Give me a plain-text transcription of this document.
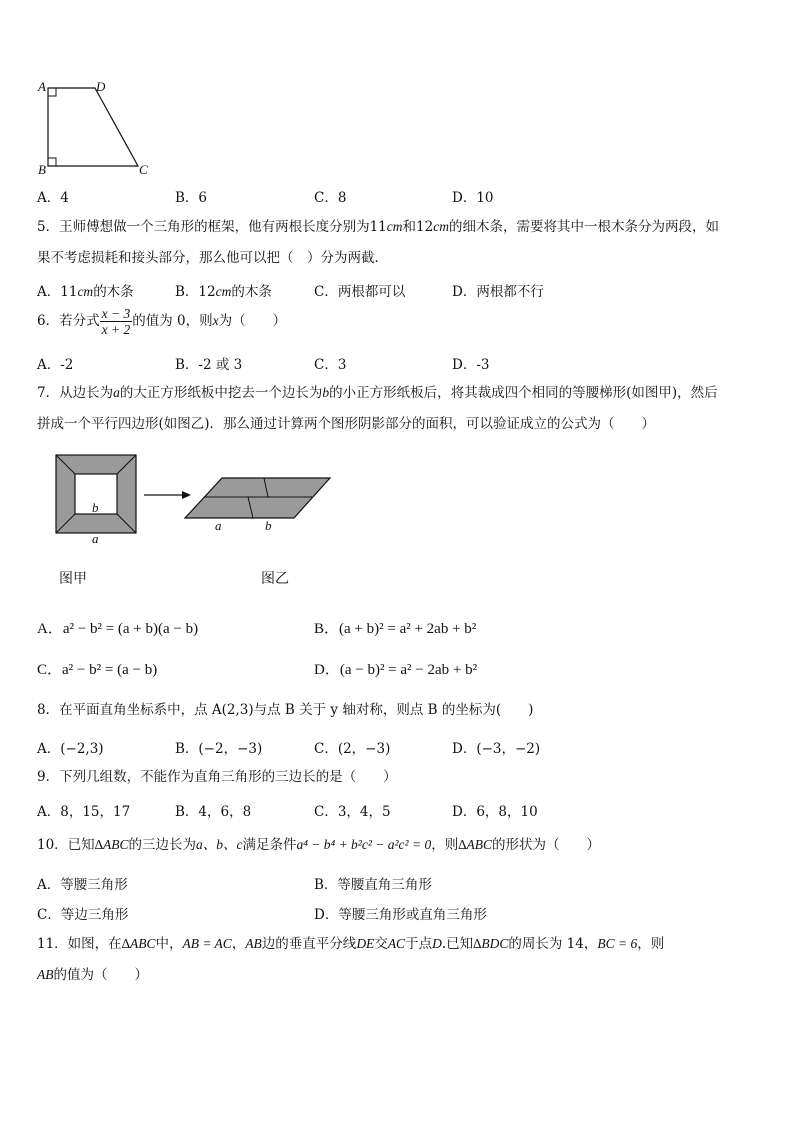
A	D
B	C
A．4	B．6	C．8	D．10
5．王师傅想做一个三角形的框架，他有两根长度分别为11cm和12cm的细木条，需要将其中一根木条分为两段，如
果不考虑损耗和接头部分，那么他可以把（　）分为两截．
A．11cm的木条	B．12cm的木条	C．两根都可以	D．两根都不行
6．若分式 $\frac{x - 3}{x + 2}$ 的值为 0，则x为（　　）
A．-2	B．-2 或 3	C．3	D．-3
7．从边长为a的大正方形纸板中挖去一个边长为b的小正方形纸板后，将其裁成四个相同的等腰梯形(如图甲)，然后
拼成一个平行四边形(如图乙)．那么通过计算两个图形阴影部分的面积，可以验证成立的公式为（　　）
b
a
a	b
图甲	图乙
A．a² − b² = (a + b)(a − b)	B．(a + b)² = a² + 2ab + b²
C．a² − b² = (a − b)	D．(a − b)² = a² − 2ab + b²
8．在平面直角坐标系中，点 A(2,3)与点 B 关于 y 轴对称，则点 B 的坐标为(　　)
A．(−2,3)	B．(−2，−3)	C．(2，−3)	D．(−3，−2)
9．下列几组数，不能作为直角三角形的三边长的是（　　）
A．8，15，17	B．4，6，8	C．3，4，5	D．6，8，10
10．已知∆ABC的三边长为a、b、c满足条件a⁴ − b⁴ + b²c² − a²c² = 0，则∆ABC的形状为（　　）
A．等腰三角形	B．等腰直角三角形
C．等边三角形	D．等腰三角形或直角三角形
11．如图，在∆ABC中，AB = AC，AB边的垂直平分线DE交AC于点D.已知∆BDC的周长为 14，BC = 6，则
AB的值为（　　）
